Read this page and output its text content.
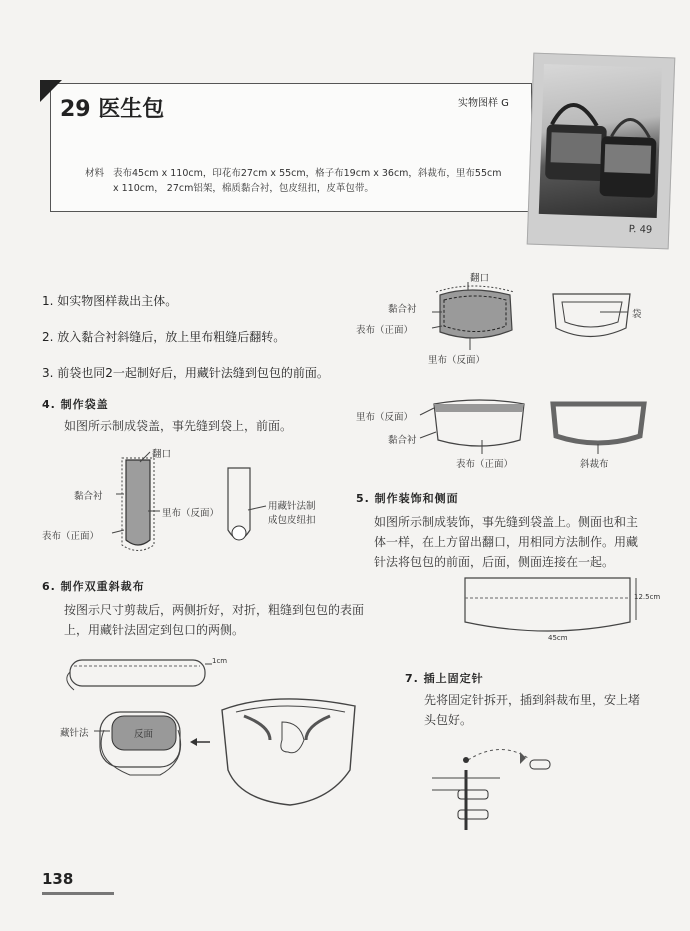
29 医生包	实物图样 G
材料 表布45cm x 110cm，印花布27cm x 55cm，格子布19cm x 36cm，斜裁布，里布55cm
x 110cm， 27cm铝架，棉质黏合衬，包皮纽扣，皮革包带。
P. 49
1. 如实物图样裁出主体。
2. 放入黏合衬斜缝后，放上里布粗缝后翻转。
3. 前袋也同2一起制好后，用藏针法缝到包包的前面。
4. 制作袋盖
如图所示制成袋盖，事先缝到袋上，前面。
5. 制作装饰和侧面
如图所示制成装饰，事先缝到袋盖上。侧面也和主
体一样，在上方留出翻口，用相同方法制作。用藏
针法将包包的前面，后面，侧面连接在一起。
6. 制作双重斜裁布
按图示尺寸剪裁后，两侧折好，对折，粗缝到包包的表面
上，用藏针法固定到包口的两侧。
7. 插上固定针
先将固定针拆开，插到斜裁布里，安上堵
头包好。
翻口
黏合衬
表布（正面）
里布（反面）
袋
里布（反面）
黏合衬
表布（正面）	斜裁布
翻口
黏合衬
里布（反面）
表布（正面）
用藏针法制
成包皮纽扣
12.5cm
45cm
1cm
藏针法	反面
138
